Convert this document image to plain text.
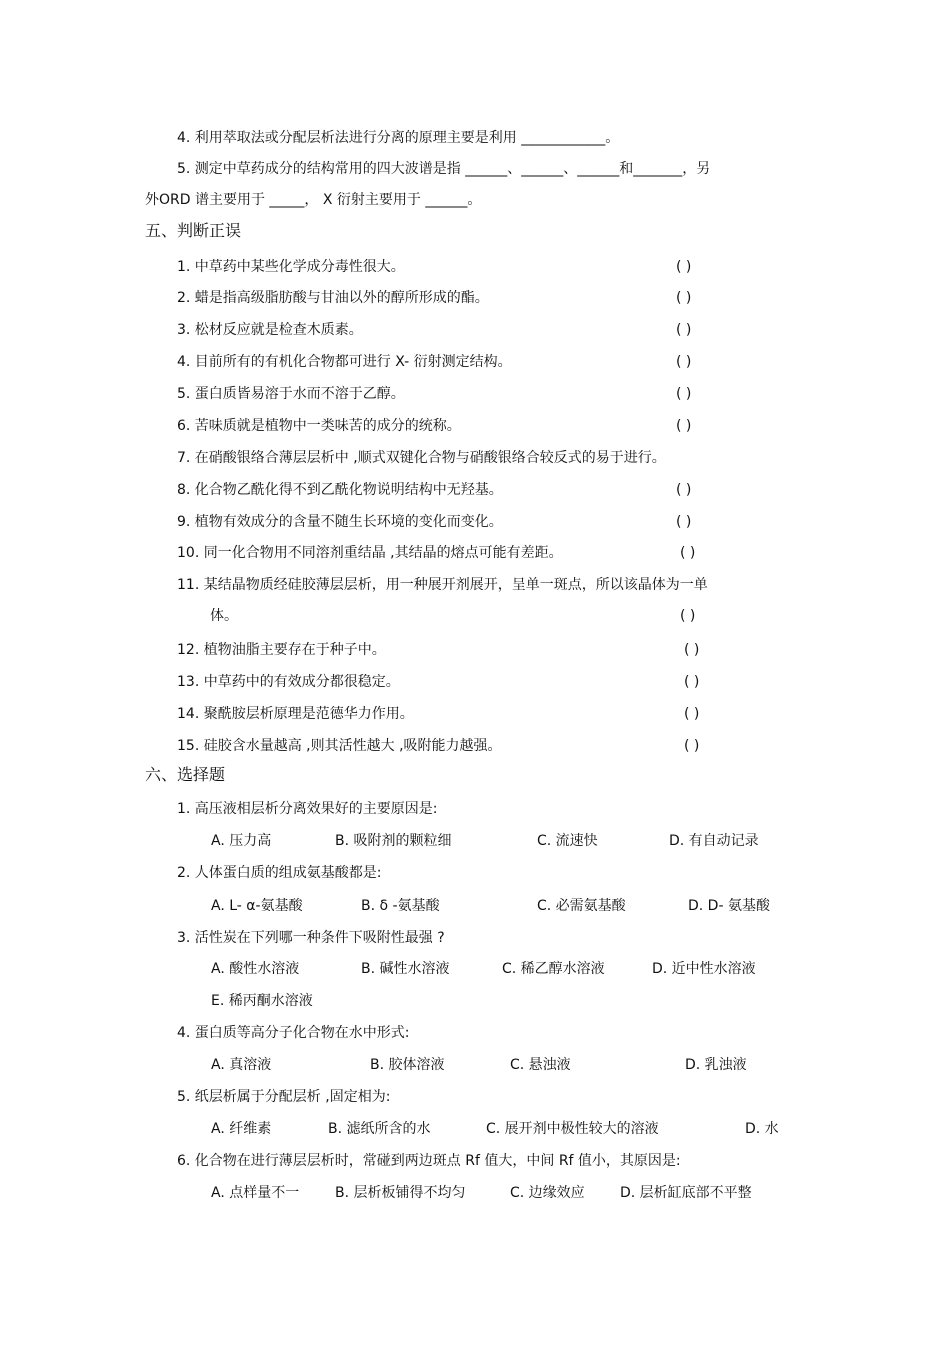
4. 利用萃取法或分配层析法进行分离的原理主要是利用 ____________。
5. 测定中草药成分的结构常用的四大波谱是指 ______、______、______和_______，另
外ORD 谱主要用于 _____， X 衍射主要用于 ______。
五、判断正误
1. 中草药中某些化学成分毒性很大。	( )
2. 蜡是指高级脂肪酸与甘油以外的醇所形成的酯。	( )
3. 松材反应就是检查木质素。	( )
4. 目前所有的有机化合物都可进行 X- 衍射测定结构。	( )
5. 蛋白质皆易溶于水而不溶于乙醇。	( )
6. 苦味质就是植物中一类味苦的成分的统称。	( )
7. 在硝酸银络合薄层层析中 ,顺式双键化合物与硝酸银络合较反式的易于进行。
8. 化合物乙酰化得不到乙酰化物说明结构中无羟基。	( )
9. 植物有效成分的含量不随生长环境的变化而变化。	( )
10. 同一化合物用不同溶剂重结晶 ,其结晶的熔点可能有差距。	( )
11. 某结晶物质经硅胶薄层层析，用一种展开剂展开，呈单一斑点，所以该晶体为一单
体。	( )
12. 植物油脂主要存在于种子中。	( )
13. 中草药中的有效成分都很稳定。	( )
14. 聚酰胺层析原理是范德华力作用。	( )
15. 硅胶含水量越高 ,则其活性越大 ,吸附能力越强。	( )
六、选择题
1. 高压液相层析分离效果好的主要原因是:
A. 压力高	B. 吸附剂的颗粒细	C. 流速快	D. 有自动记录
2. 人体蛋白质的组成氨基酸都是:
A. L- α-氨基酸	B. δ -氨基酸	C. 必需氨基酸	D. D- 氨基酸
3. 活性炭在下列哪一种条件下吸附性最强 ?
A. 酸性水溶液	B. 碱性水溶液	C. 稀乙醇水溶液	D. 近中性水溶液
E. 稀丙酮水溶液
4. 蛋白质等高分子化合物在水中形式:
A. 真溶液	B. 胶体溶液	C. 悬浊液	D. 乳浊液
5. 纸层析属于分配层析 ,固定相为:
A. 纤维素	B. 滤纸所含的水	C. 展开剂中极性较大的溶液	D. 水
6. 化合物在进行薄层层析时，常碰到两边斑点 Rf 值大，中间 Rf 值小，其原因是:
A. 点样量不一	B. 层析板铺得不均匀	C. 边缘效应	D. 层析缸底部不平整
